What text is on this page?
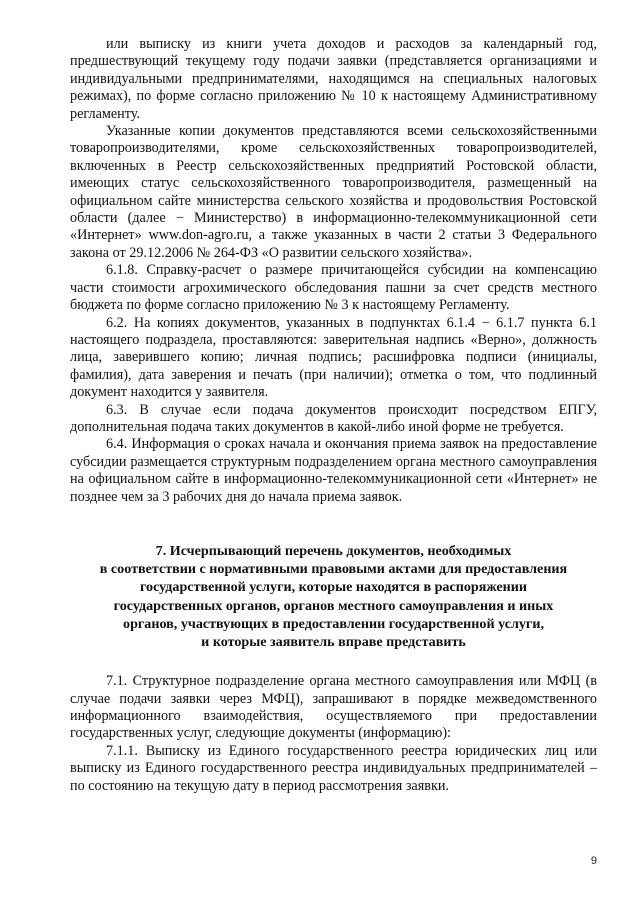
или выписку из книги учета доходов и расходов за календарный год, предшествующий текущему году подачи заявки (представляется организациями и индивидуальными предпринимателями, находящимся на специальных налоговых режимах), по форме согласно приложению № 10 к настоящему Административному регламенту.

Указанные копии документов представляются всеми сельскохозяйственными товаропроизводителями, кроме сельскохозяйственных товаропроизводителей, включенных в Реестр сельскохозяйственных предприятий Ростовской области, имеющих статус сельскохозяйственного товаропроизводителя, размещенный на официальном сайте министерства сельского хозяйства и продовольствия Ростовской области (далее − Министерство) в информационно-телекоммуникационной сети «Интернет» www.don-agro.ru, а также указанных в части 2 статьи 3 Федерального закона от 29.12.2006 № 264-ФЗ «О развитии сельского хозяйства».

6.1.8. Справку-расчет о размере причитающейся субсидии на компенсацию части стоимости агрохимического обследования пашни за счет средств местного бюджета по форме согласно приложению № 3 к настоящему Регламенту.

6.2. На копиях документов, указанных в подпунктах 6.1.4 − 6.1.7 пункта 6.1 настоящего подраздела, проставляются: заверительная надпись «Верно», должность лица, заверившего копию; личная подпись; расшифровка подписи (инициалы, фамилия), дата заверения и печать (при наличии); отметка о том, что подлинный документ находится у заявителя.

6.3. В случае если подача документов происходит посредством ЕПГУ, дополнительная подача таких документов в какой-либо иной форме не требуется.

6.4. Информация о сроках начала и окончания приема заявок на предоставление субсидии размещается структурным подразделением органа местного самоуправления на официальном сайте в информационно-телекоммуникационной сети «Интернет» не позднее чем за 3 рабочих дня до начала приема заявок.

7. Исчерпывающий перечень документов, необходимых
в соответствии с нормативными правовыми актами для предоставления
государственной услуги, которые находятся в распоряжении
государственных органов, органов местного самоуправления и иных
органов, участвующих в предоставлении государственной услуги,
и которые заявитель вправе представить

7.1. Структурное подразделение органа местного самоуправления или МФЦ (в случае подачи заявки через МФЦ), запрашивают в порядке межведомственного информационного взаимодействия, осуществляемого при предоставлении государственных услуг, следующие документы (информацию):

7.1.1. Выписку из Единого государственного реестра юридических лиц или выписку из Единого государственного реестра индивидуальных предпринимателей – по состоянию на текущую дату в период рассмотрения заявки.

9
